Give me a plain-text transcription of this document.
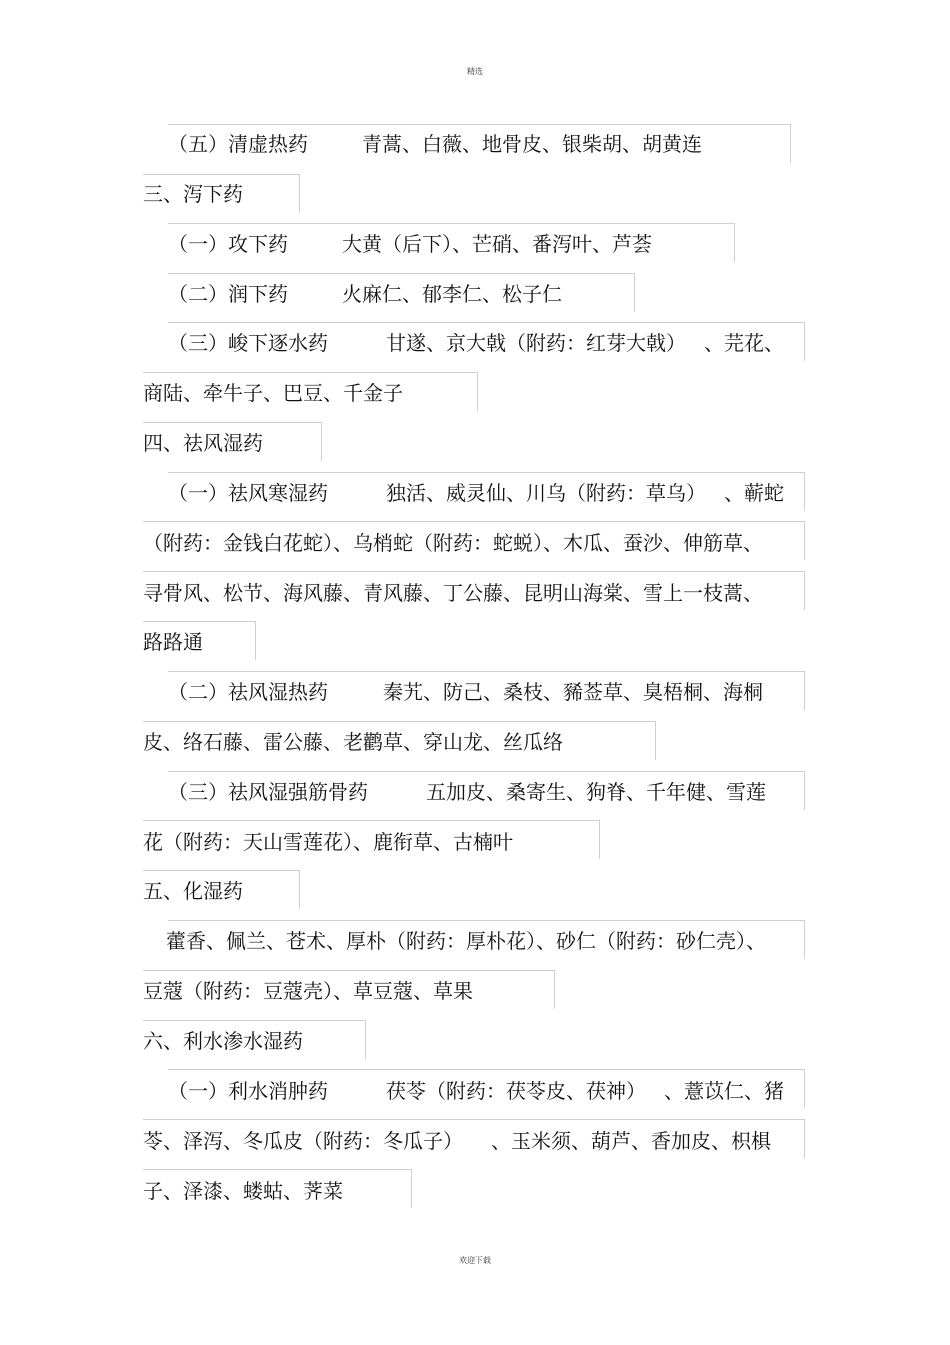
精选
（五）清虚热药	青蒿、白薇、地骨皮、银柴胡、胡黄连
三、泻下药
（一）攻下药	大黄（后下）、芒硝、番泻叶、芦荟
（二）润下药	火麻仁、郁李仁、松子仁
（三）峻下逐水药	甘遂、京大戟（附药：红芽大戟） 、芫花、
商陆、牵牛子、巴豆、千金子
四、祛风湿药
（一）祛风寒湿药	独活、威灵仙、川乌（附药：草乌） 、蕲蛇
（附药：金钱白花蛇）、乌梢蛇（附药：蛇蜕）、木瓜、蚕沙、伸筋草、
寻骨风、松节、海风藤、青风藤、丁公藤、昆明山海棠、雪上一枝蒿、
路路通
（二）祛风湿热药	秦艽、防己、桑枝、豨莶草、臭梧桐、海桐
皮、络石藤、雷公藤、老鹳草、穿山龙、丝瓜络
（三）祛风湿强筋骨药	五加皮、桑寄生、狗脊、千年健、雪莲
花（附药：天山雪莲花）、鹿衔草、古楠叶
五、化湿药
藿香、佩兰、苍术、厚朴（附药：厚朴花）、砂仁（附药：砂仁壳）、
豆蔻（附药：豆蔻壳）、草豆蔻、草果
六、利水渗水湿药
（一）利水消肿药	茯苓（附药：茯苓皮、茯神） 、薏苡仁、猪
苓、泽泻、冬瓜皮（附药：冬瓜子） 、玉米须、葫芦、香加皮、枳椇
子、泽漆、蝼蛄、荠菜
欢迎下载
